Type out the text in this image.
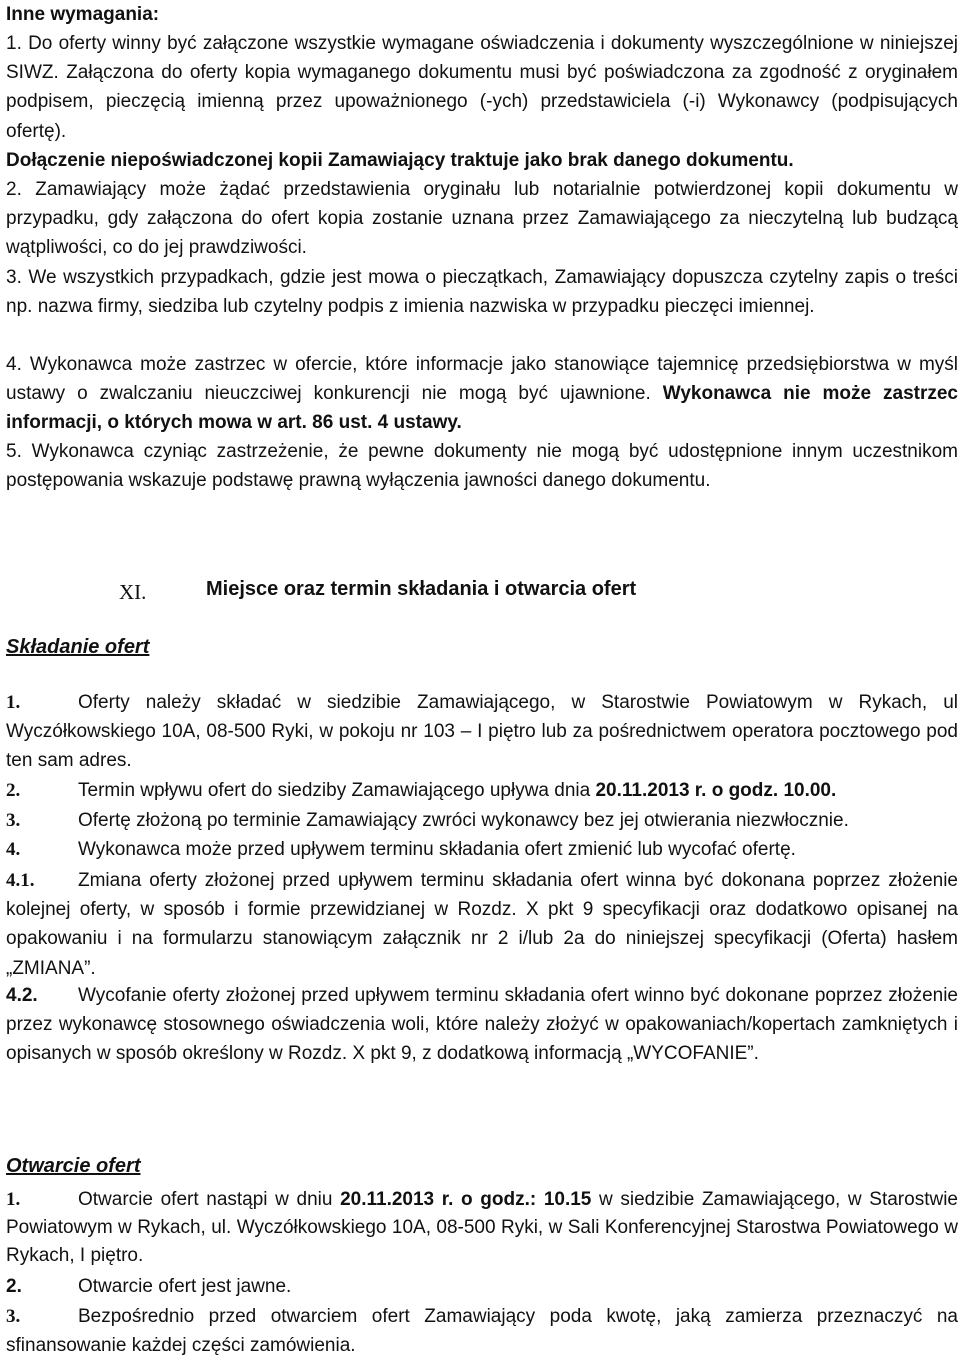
Inne wymagania:

1. Do oferty winny być załączone wszystkie wymagane oświadczenia i dokumenty wyszczególnione w niniejszej SIWZ. Załączona do oferty kopia wymaganego dokumentu musi być poświadczona za zgodność z oryginałem podpisem, pieczęcią imienną przez upoważnionego (-ych) przedstawiciela (-i) Wykonawcy (podpisujących ofertę).

Dołączenie niepoświadczonej kopii Zamawiający traktuje jako brak danego dokumentu.

2. Zamawiający może żądać przedstawienia oryginału lub notarialnie potwierdzonej kopii dokumentu w przypadku, gdy załączona do ofert kopia zostanie uznana przez Zamawiającego za nieczytelną lub budzącą wątpliwości, co do jej prawdziwości.

3. We wszystkich przypadkach, gdzie jest mowa o pieczątkach, Zamawiający dopuszcza czytelny zapis o treści np. nazwa firmy, siedziba lub czytelny podpis z imienia nazwiska w przypadku pieczęci imiennej.

4. Wykonawca może zastrzec w ofercie, które informacje jako stanowiące tajemnicę przedsiębiorstwa w myśl ustawy o zwalczaniu nieuczciwej konkurencji nie mogą być ujawnione. Wykonawca nie może zastrzec informacji, o których mowa w art. 86 ust. 4 ustawy.

5. Wykonawca czyniąc zastrzeżenie, że pewne dokumenty nie mogą być udostępnione innym uczestnikom postępowania wskazuje podstawę prawną wyłączenia jawności danego dokumentu.

XI.	Miejsce oraz termin składania i otwarcia ofert
Składanie ofert

1.	Oferty należy składać w siedzibie Zamawiającego, w Starostwie Powiatowym w Rykach, ul Wyczółkowskiego 10A, 08-500 Ryki, w pokoju nr 103 – I piętro lub za pośrednictwem operatora pocztowego pod ten sam adres.

2.	Termin wpływu ofert do siedziby Zamawiającego upływa dnia 20.11.2013 r. o godz. 10.00.

3.	Ofertę złożoną po terminie Zamawiający zwróci wykonawcy bez jej otwierania niezwłocznie.

4.	Wykonawca może przed upływem terminu składania ofert zmienić lub wycofać ofertę.

4.1. Zmiana oferty złożonej przed upływem terminu składania ofert winna być dokonana poprzez złożenie kolejnej oferty, w sposób i formie przewidzianej w Rozdz. X pkt 9 specyfikacji oraz dodatkowo opisanej na opakowaniu i na formularzu stanowiącym załącznik nr 2 i/lub 2a do niniejszej specyfikacji (Oferta) hasłem „ZMIANA”.

4.2. Wycofanie oferty złożonej przed upływem terminu składania ofert winno być dokonane poprzez złożenie przez wykonawcę stosownego oświadczenia woli, które należy złożyć w opakowaniach/kopertach zamkniętych i opisanych w sposób określony w Rozdz. X pkt 9, z dodatkową informacją „WYCOFANIE”.

Otwarcie ofert

1.	Otwarcie ofert nastąpi w dniu 20.11.2013 r. o godz.: 10.15 w siedzibie Zamawiającego, w Starostwie Powiatowym w Rykach, ul. Wyczółkowskiego 10A, 08-500 Ryki, w Sali Konferencyjnej Starostwa Powiatowego w Rykach, I piętro.

2.	Otwarcie ofert jest jawne.

3.	Bezpośrednio przed otwarciem ofert Zamawiający poda kwotę, jaką zamierza przeznaczyć na sfinansowanie każdej części zamówienia.
